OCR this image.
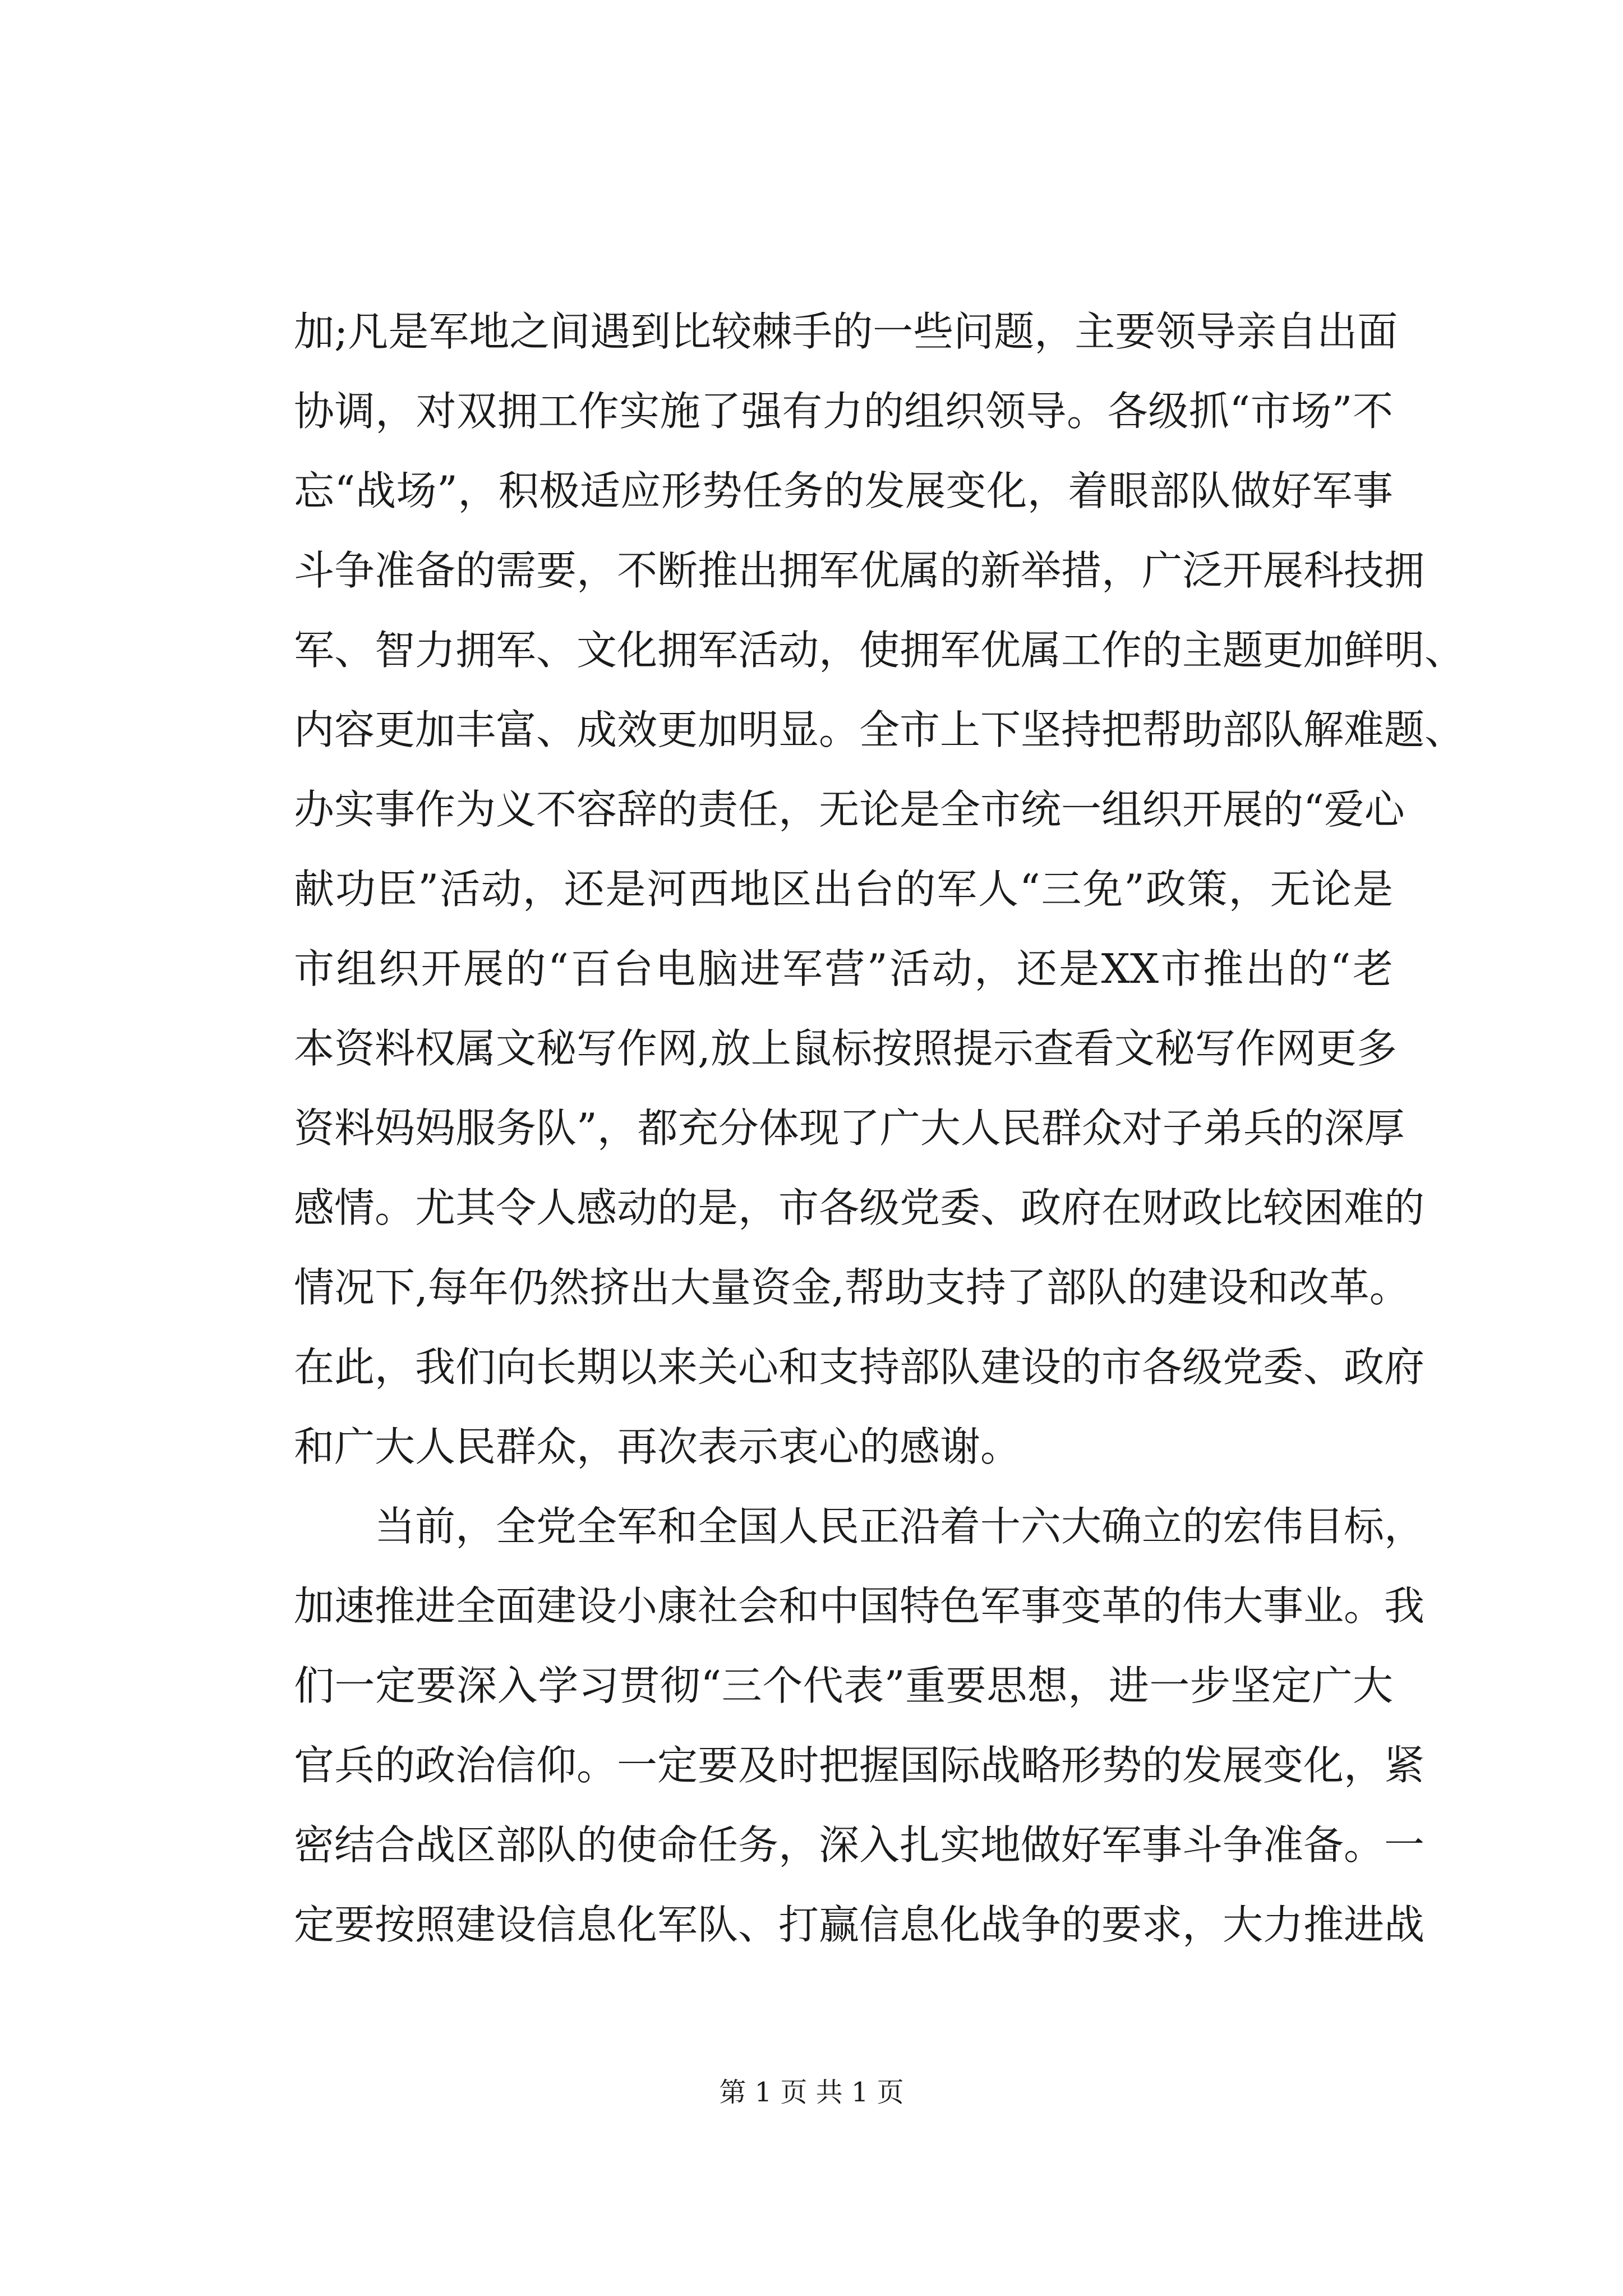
加;凡是军地之间遇到比较棘手的一些问题，主要领导亲自出面
协调，对双拥工作实施了强有力的组织领导。各级抓“市场”不
忘“战场”，积极适应形势任务的发展变化，着眼部队做好军事
斗争准备的需要，不断推出拥军优属的新举措，广泛开展科技拥
军、智力拥军、文化拥军活动，使拥军优属工作的主题更加鲜明、
内容更加丰富、成效更加明显。全市上下坚持把帮助部队解难题、
办实事作为义不容辞的责任，无论是全市统一组织开展的“爱心
献功臣”活动，还是河西地区出台的军人“三免”政策，无论是
市组织开展的“百台电脑进军营”活动，还是XX市推出的“老
本资料权属文秘写作网,放上鼠标按照提示查看文秘写作网更多
资料妈妈服务队”，都充分体现了广大人民群众对子弟兵的深厚
感情。尤其令人感动的是，市各级党委、政府在财政比较困难的
情况下,每年仍然挤出大量资金,帮助支持了部队的建设和改革。
在此，我们向长期以来关心和支持部队建设的市各级党委、政府
和广大人民群众，再次表示衷心的感谢。
当前，全党全军和全国人民正沿着十六大确立的宏伟目标，
加速推进全面建设小康社会和中国特色军事变革的伟大事业。我
们一定要深入学习贯彻“三个代表”重要思想，进一步坚定广大
官兵的政治信仰。一定要及时把握国际战略形势的发展变化，紧
密结合战区部队的使命任务，深入扎实地做好军事斗争准备。一
定要按照建设信息化军队、打赢信息化战争的要求，大力推进战
第 1 页 共 1 页
